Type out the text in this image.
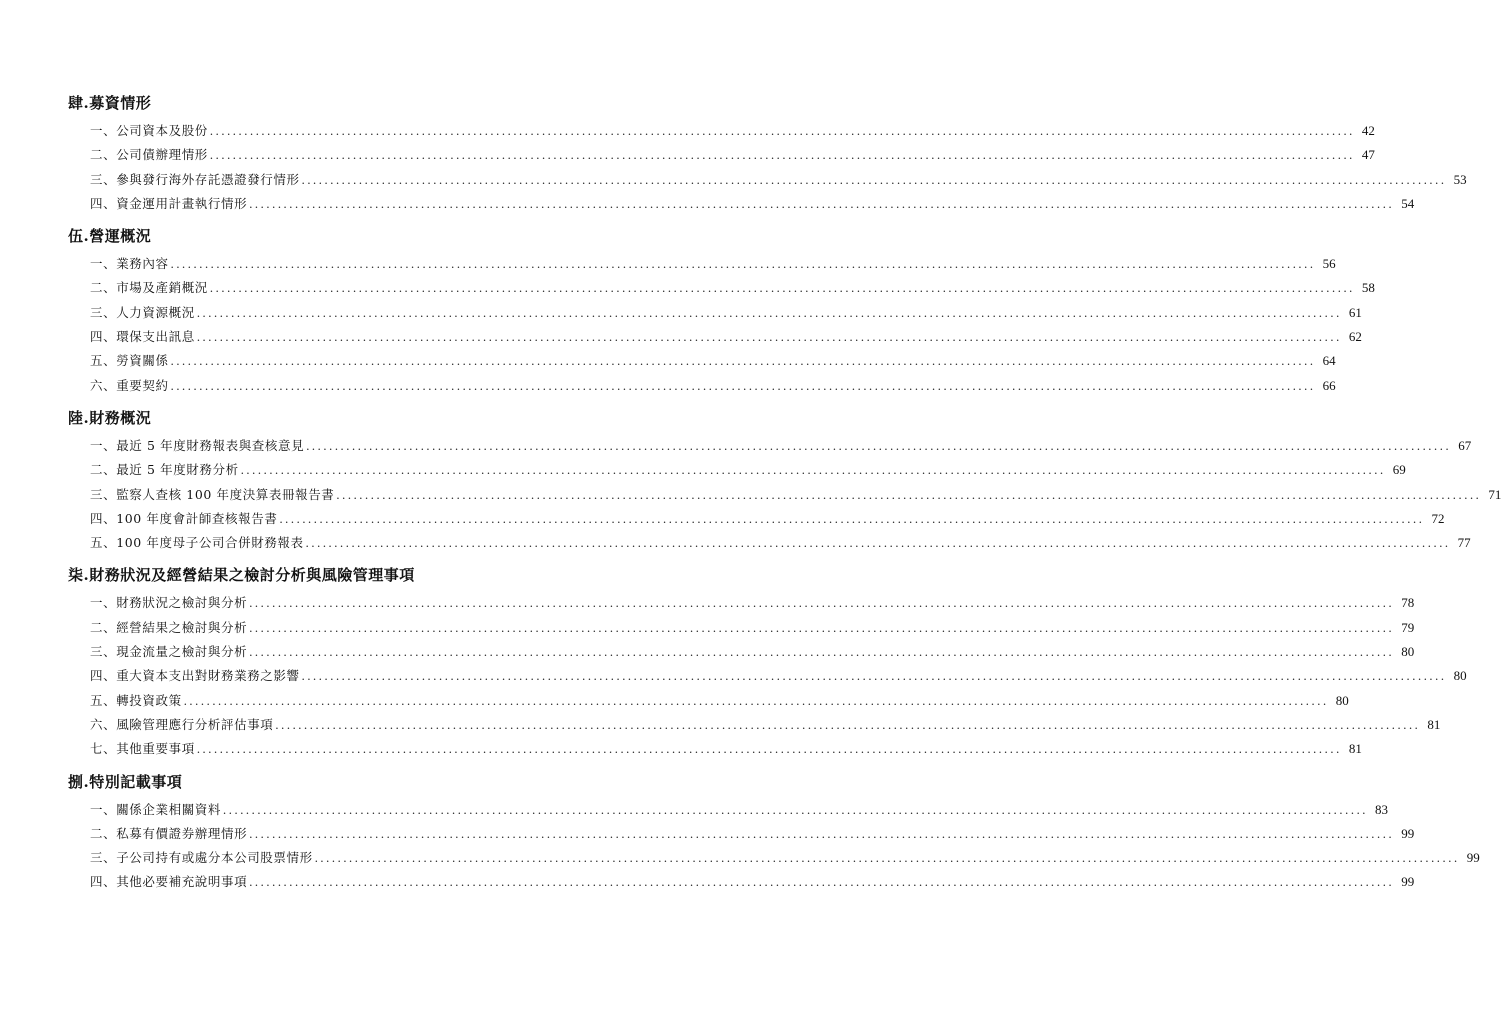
肆.募資情形
一、公司資本及股份 ........................................................................................................................................................................................................ 42
二、公司債辦理情形 ........................................................................................................................................................................................................ 47
三、參與發行海外存託憑證發行情形 ........................................................................................................................................................................................................ 53
四、資金運用計畫執行情形 ........................................................................................................................................................................................................ 54
伍.營運概況
一、業務內容 ........................................................................................................................................................................................................ 56
二、市場及產銷概況 ........................................................................................................................................................................................................ 58
三、人力資源概況 ........................................................................................................................................................................................................ 61
四、環保支出訊息 ........................................................................................................................................................................................................ 62
五、勞資關係 ........................................................................................................................................................................................................ 64
六、重要契約 ........................................................................................................................................................................................................ 66
陸.財務概況
一、最近 5 年度財務報表與查核意見 ........................................................................................................................................................................................................ 67
二、最近 5 年度財務分析 ........................................................................................................................................................................................................ 69
三、監察人查核 100 年度決算表冊報告書 ........................................................................................................................................................................................................ 71
四、100 年度會計師查核報告書 ........................................................................................................................................................................................................ 72
五、100 年度母子公司合併財務報表 ........................................................................................................................................................................................................ 77
柒.財務狀況及經營結果之檢討分析與風險管理事項
一、財務狀況之檢討與分析 ........................................................................................................................................................................................................ 78
二、經營結果之檢討與分析 ........................................................................................................................................................................................................ 79
三、現金流量之檢討與分析 ........................................................................................................................................................................................................ 80
四、重大資本支出對財務業務之影響 ........................................................................................................................................................................................................ 80
五、轉投資政策 ........................................................................................................................................................................................................ 80
六、風險管理應行分析評估事項 ........................................................................................................................................................................................................ 81
七、其他重要事項 ........................................................................................................................................................................................................ 81
捌.特別記載事項
一、關係企業相關資料 ........................................................................................................................................................................................................ 83
二、私募有價證券辦理情形 ........................................................................................................................................................................................................ 99
三、子公司持有或處分本公司股票情形 ........................................................................................................................................................................................................ 99
四、其他必要補充說明事項 ........................................................................................................................................................................................................ 99
